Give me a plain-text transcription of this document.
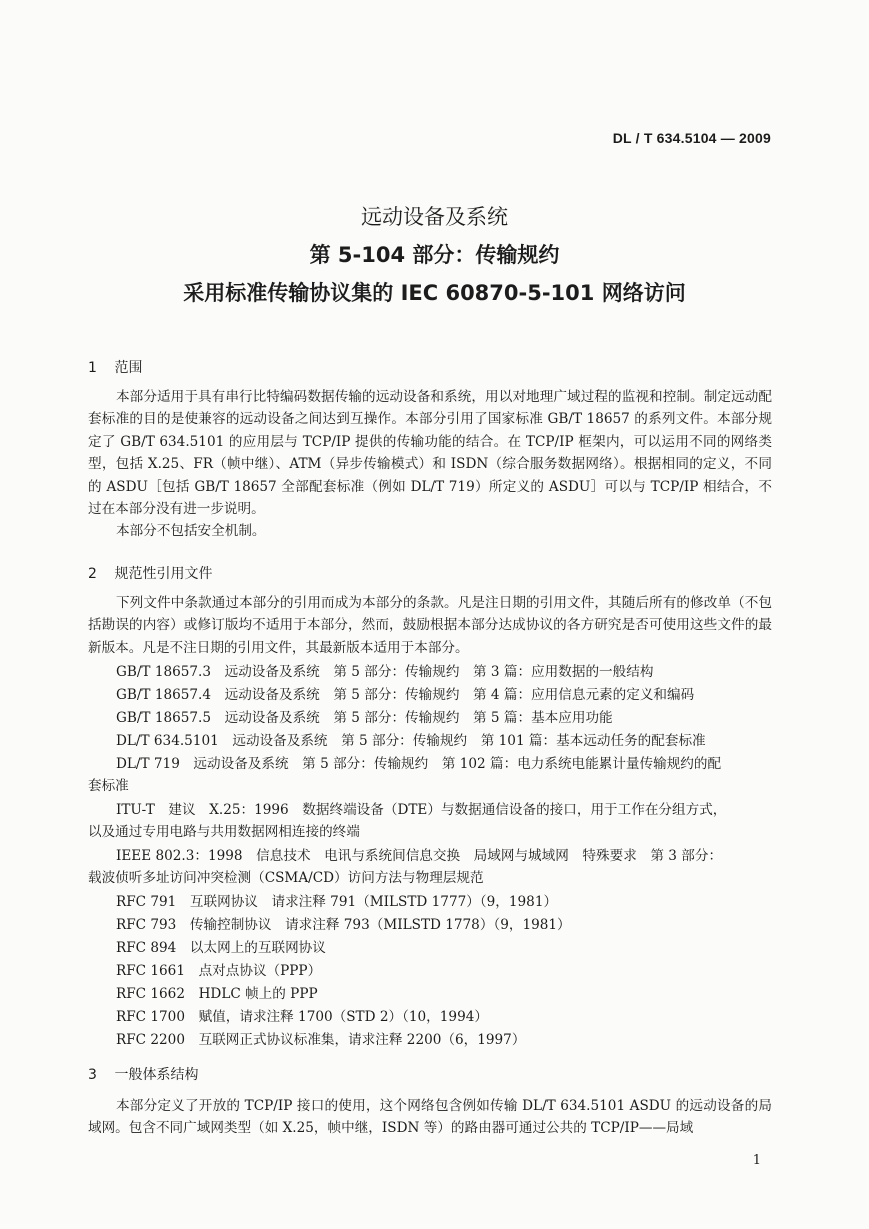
DL / T 634.5104 — 2009
远动设备及系统
第 5-104 部分：传输规约
采用标准传输协议集的 IEC 60870-5-101 网络访问
1 范围
本部分适用于具有串行比特编码数据传输的远动设备和系统，用以对地理广域过程的监视和控制。制定远动配套标准的目的是使兼容的远动设备之间达到互操作。本部分引用了国家标准 GB/T 18657 的系列文件。本部分规定了 GB/T 634.5101 的应用层与 TCP/IP 提供的传输功能的结合。在 TCP/IP 框架内，可以运用不同的网络类型，包括 X.25、FR（帧中继）、ATM（异步传输模式）和 ISDN（综合服务数据网络）。根据相同的定义，不同的 ASDU［包括 GB/T 18657 全部配套标准（例如 DL/T 719）所定义的 ASDU］可以与 TCP/IP 相结合，不过在本部分没有进一步说明。
本部分不包括安全机制。
2 规范性引用文件
下列文件中条款通过本部分的引用而成为本部分的条款。凡是注日期的引用文件，其随后所有的修改单（不包括勘误的内容）或修订版均不适用于本部分，然而，鼓励根据本部分达成协议的各方研究是否可使用这些文件的最新版本。凡是不注日期的引用文件，其最新版本适用于本部分。
GB/T 18657.3　远动设备及系统　第 5 部分：传输规约　第 3 篇：应用数据的一般结构
GB/T 18657.4　远动设备及系统　第 5 部分：传输规约　第 4 篇：应用信息元素的定义和编码
GB/T 18657.5　远动设备及系统　第 5 部分：传输规约　第 5 篇：基本应用功能
DL/T 634.5101　远动设备及系统　第 5 部分：传输规约　第 101 篇：基本远动任务的配套标准
DL/T 719　远动设备及系统　第 5 部分：传输规约　第 102 篇：电力系统电能累计量传输规约的配
套标准
ITU-T　建议　X.25：1996　数据终端设备（DTE）与数据通信设备的接口，用于工作在分组方式，
以及通过专用电路与共用数据网相连接的终端
IEEE 802.3：1998　信息技术　电讯与系统间信息交换　局域网与城域网　特殊要求　第 3 部分：
载波侦听多址访问冲突检测（CSMA/CD）访问方法与物理层规范
RFC 791　互联网协议　请求注释 791（MILSTD 1777）（9，1981）
RFC 793　传输控制协议　请求注释 793（MILSTD 1778）（9，1981）
RFC 894　以太网上的互联网协议
RFC 1661　点对点协议（PPP）
RFC 1662　HDLC 帧上的 PPP
RFC 1700　赋值，请求注释 1700（STD 2）（10，1994）
RFC 2200　互联网正式协议标准集，请求注释 2200（6，1997）
3 一般体系结构
本部分定义了开放的 TCP/IP 接口的使用，这个网络包含例如传输 DL/T 634.5101 ASDU 的远动设备的局域网。包含不同广域网类型（如 X.25，帧中继，ISDN 等）的路由器可通过公共的 TCP/IP——局域
1
